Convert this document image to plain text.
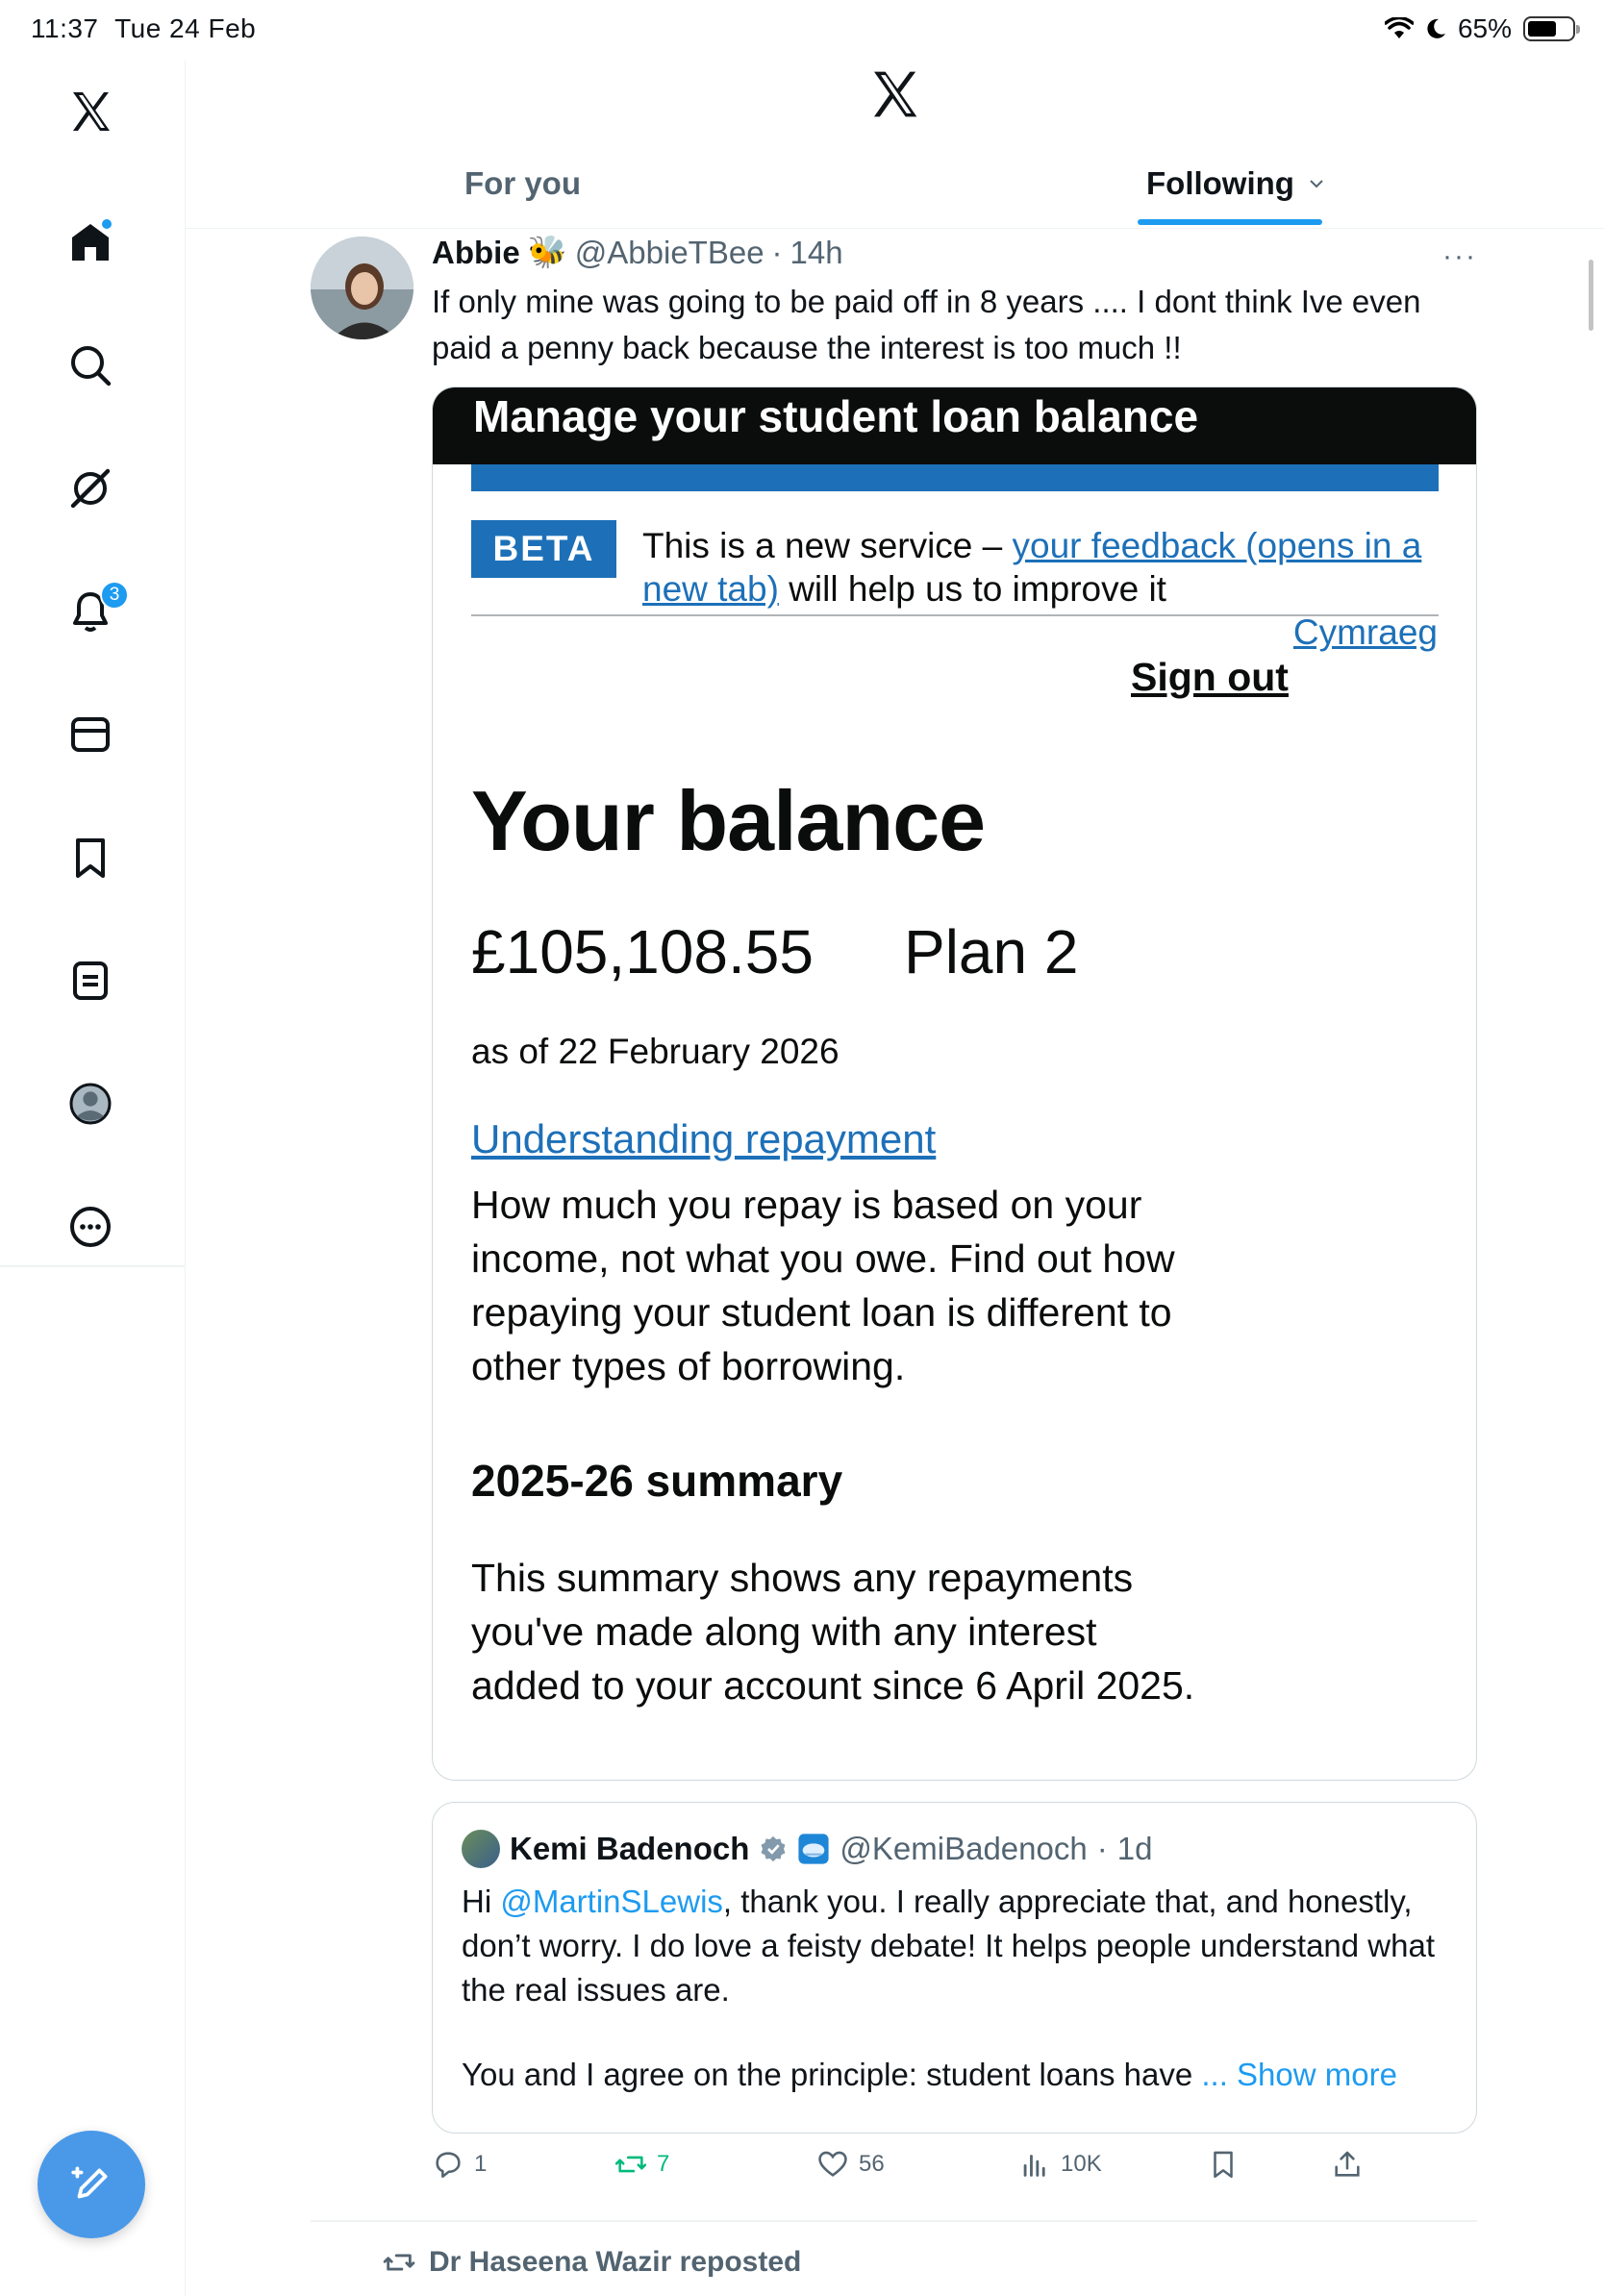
11:37 Tue 24 Feb	65%
3
For you	Following
Abbie 🐝 @AbbieTBee · 14h	···
If only mine was going to be paid off in 8 years .... I dont think Ive even paid a penny back because the interest is too much !!
Manage your student loan balance
BETA	This is a new service – your feedback (opens in a new tab) will help us to improve it
Cymraeg
Sign out
Your balance
£105,108.55 Plan 2
as of 22 February 2026
Understanding repayment
How much you repay is based on your income, not what you owe. Find out how repaying your student loan is different to other types of borrowing.
2025-26 summary
This summary shows any repayments you've made along with any interest added to your account since 6 April 2025.
Kemi Badenoch	@KemiBadenoch · 1d
Hi @MartinSLewis, thank you. I really appreciate that, and honestly, don’t worry. I do love a feisty debate! It helps people understand what the real issues are.
You and I agree on the principle: student loans have ... Show more
1	7	56	10K
Dr Haseena Wazir reposted
